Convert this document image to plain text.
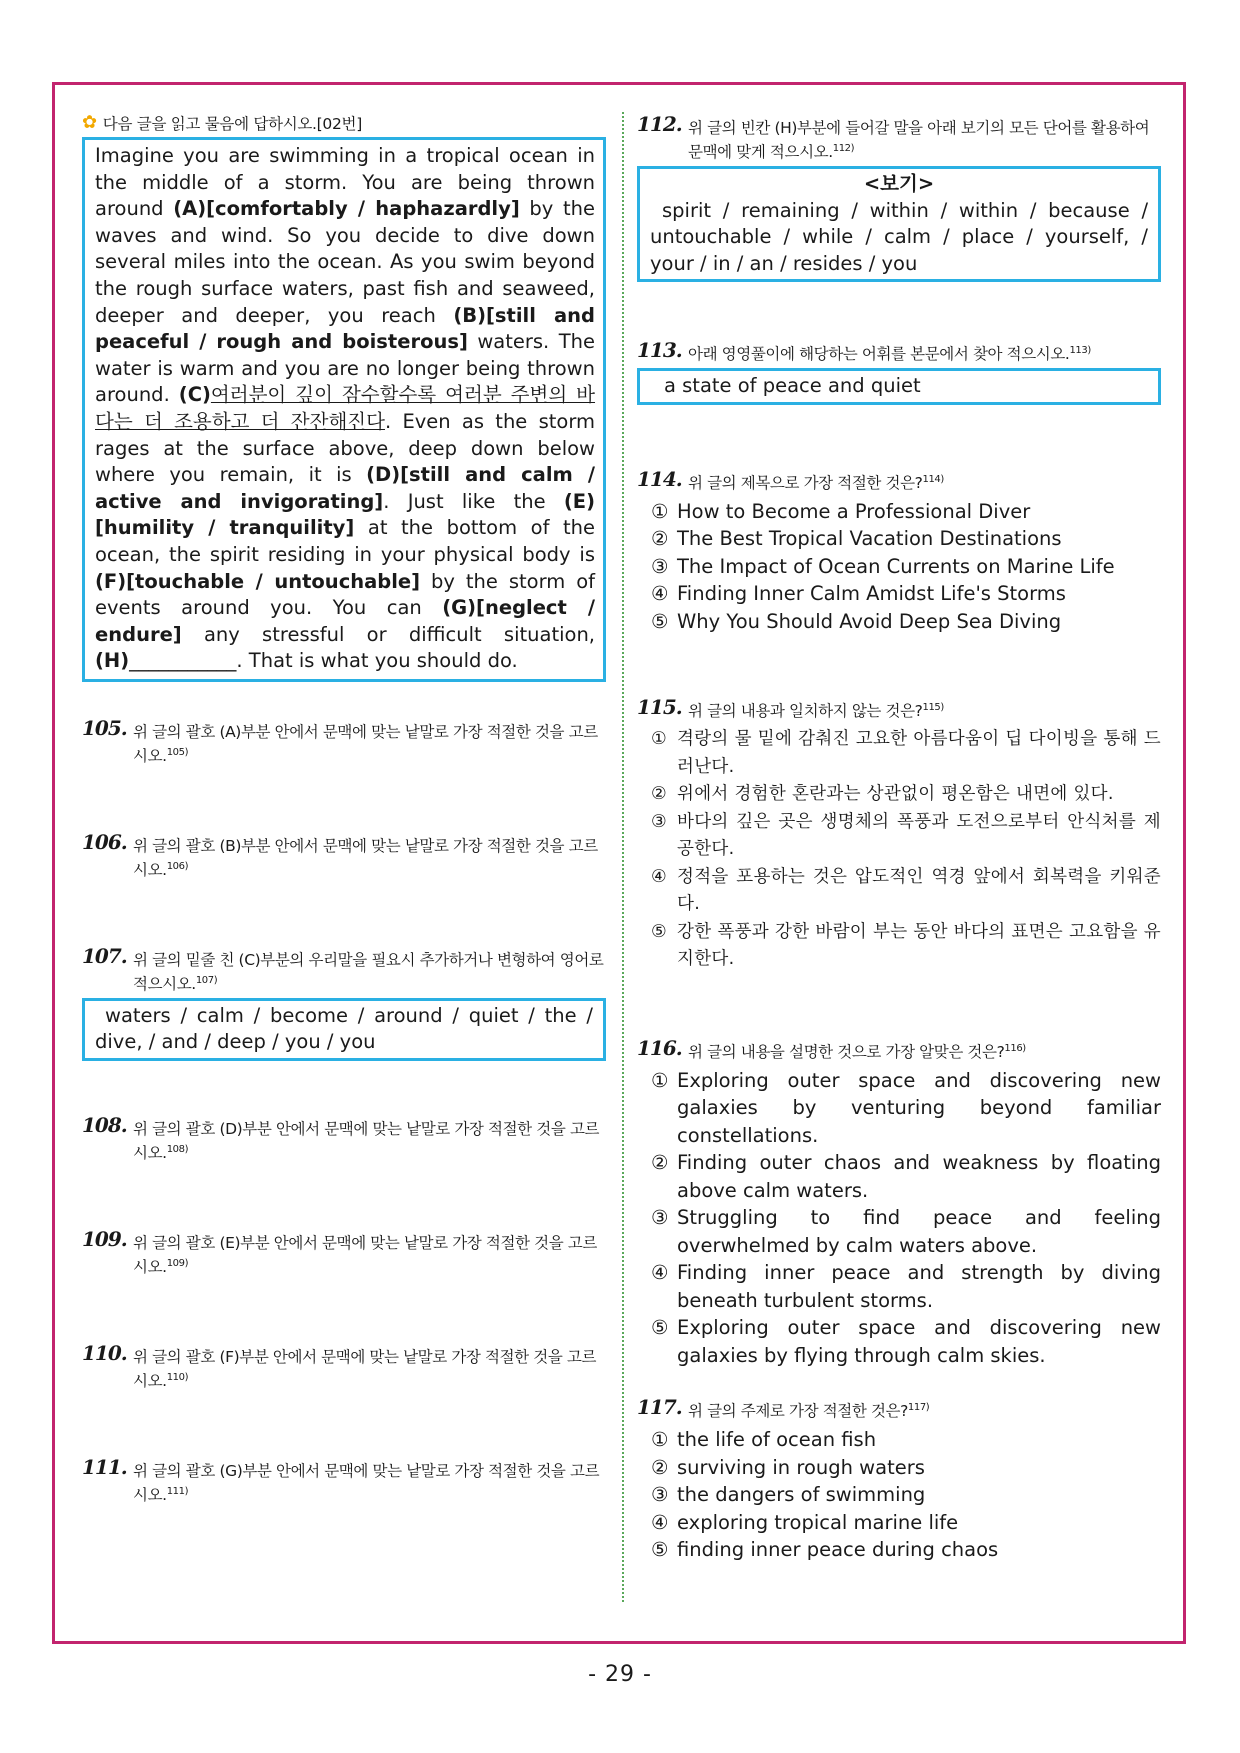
✿ 다음 글을 읽고 물음에 답하시오.[02번]
Imagine you are swimming in a tropical ocean in the middle of a storm. You are being thrown around (A)[comfortably / haphazardly] by the waves and wind. So you decide to dive down several miles into the ocean. As you swim beyond the rough surface waters, past fish and seaweed, deeper and deeper, you reach (B)[still and peaceful / rough and boisterous] waters. The water is warm and you are no longer being thrown around. (C)여러분이 깊이 잠수할수록 여러분 주변의 바다는 더 조용하고 더 잔잔해진다. Even as the storm rages at the surface above, deep down below where you remain, it is (D)[still and calm / active and invigorating]. Just like the (E)[humility / tranquility] at the bottom of the ocean, the spirit residing in your physical body is (F)[touchable / untouchable] by the storm of events around you. You can (G)[neglect / endure] any stressful or difficult situation, (H)___________. That is what you should do.
105. 위 글의 괄호 (A)부분 안에서 문맥에 맞는 낱말로 가장 적절한 것을 고르시오.$^{105)}$
106. 위 글의 괄호 (B)부분 안에서 문맥에 맞는 낱말로 가장 적절한 것을 고르시오.$^{106)}$
107. 위 글의 밑줄 친 (C)부분의 우리말을 필요시 추가하거나 변형하여 영어로 적으시오.$^{107)}$
waters / calm / become / around / quiet / the /
dive, / and / deep / you / you
108. 위 글의 괄호 (D)부분 안에서 문맥에 맞는 낱말로 가장 적절한 것을 고르시오.$^{108)}$
109. 위 글의 괄호 (E)부분 안에서 문맥에 맞는 낱말로 가장 적절한 것을 고르시오.$^{109)}$
110. 위 글의 괄호 (F)부분 안에서 문맥에 맞는 낱말로 가장 적절한 것을 고르시오.$^{110)}$
111. 위 글의 괄호 (G)부분 안에서 문맥에 맞는 낱말로 가장 적절한 것을 고르시오.$^{111)}$
112. 위 글의 빈칸 (H)부분에 들어갈 말을 아래 보기의 모든 단어를 활용하여 문맥에 맞게 적으시오.$^{112)}$
<보기>
spirit / remaining / within / within / because /
untouchable / while / calm / place / yourself, /
your / in / an / resides / you
113. 아래 영영풀이에 해당하는 어휘를 본문에서 찾아 적으시오.$^{113)}$
a state of peace and quiet
114. 위 글의 제목으로 가장 적절한 것은?$^{114)}$
① How to Become a Professional Diver
② The Best Tropical Vacation Destinations
③ The Impact of Ocean Currents on Marine Life
④ Finding Inner Calm Amidst Life's Storms
⑤ Why You Should Avoid Deep Sea Diving
115. 위 글의 내용과 일치하지 않는 것은?$^{115)}$
① 격랑의 물 밑에 감춰진 고요한 아름다움이 딥 다이빙을 통해 드러난다.
② 위에서 경험한 혼란과는 상관없이 평온함은 내면에 있다.
③ 바다의 깊은 곳은 생명체의 폭풍과 도전으로부터 안식처를 제공한다.
④ 정적을 포용하는 것은 압도적인 역경 앞에서 회복력을 키워준다.
⑤ 강한 폭풍과 강한 바람이 부는 동안 바다의 표면은 고요함을 유지한다.
116. 위 글의 내용을 설명한 것으로 가장 알맞은 것은?$^{116)}$
① Exploring outer space and discovering new galaxies by venturing beyond familiar constellations.
② Finding outer chaos and weakness by floating above calm waters.
③ Struggling to find peace and feeling overwhelmed by calm waters above.
④ Finding inner peace and strength by diving beneath turbulent storms.
⑤ Exploring outer space and discovering new galaxies by flying through calm skies.
117. 위 글의 주제로 가장 적절한 것은?$^{117)}$
① the life of ocean fish
② surviving in rough waters
③ the dangers of swimming
④ exploring tropical marine life
⑤ finding inner peace during chaos
- 29 -
